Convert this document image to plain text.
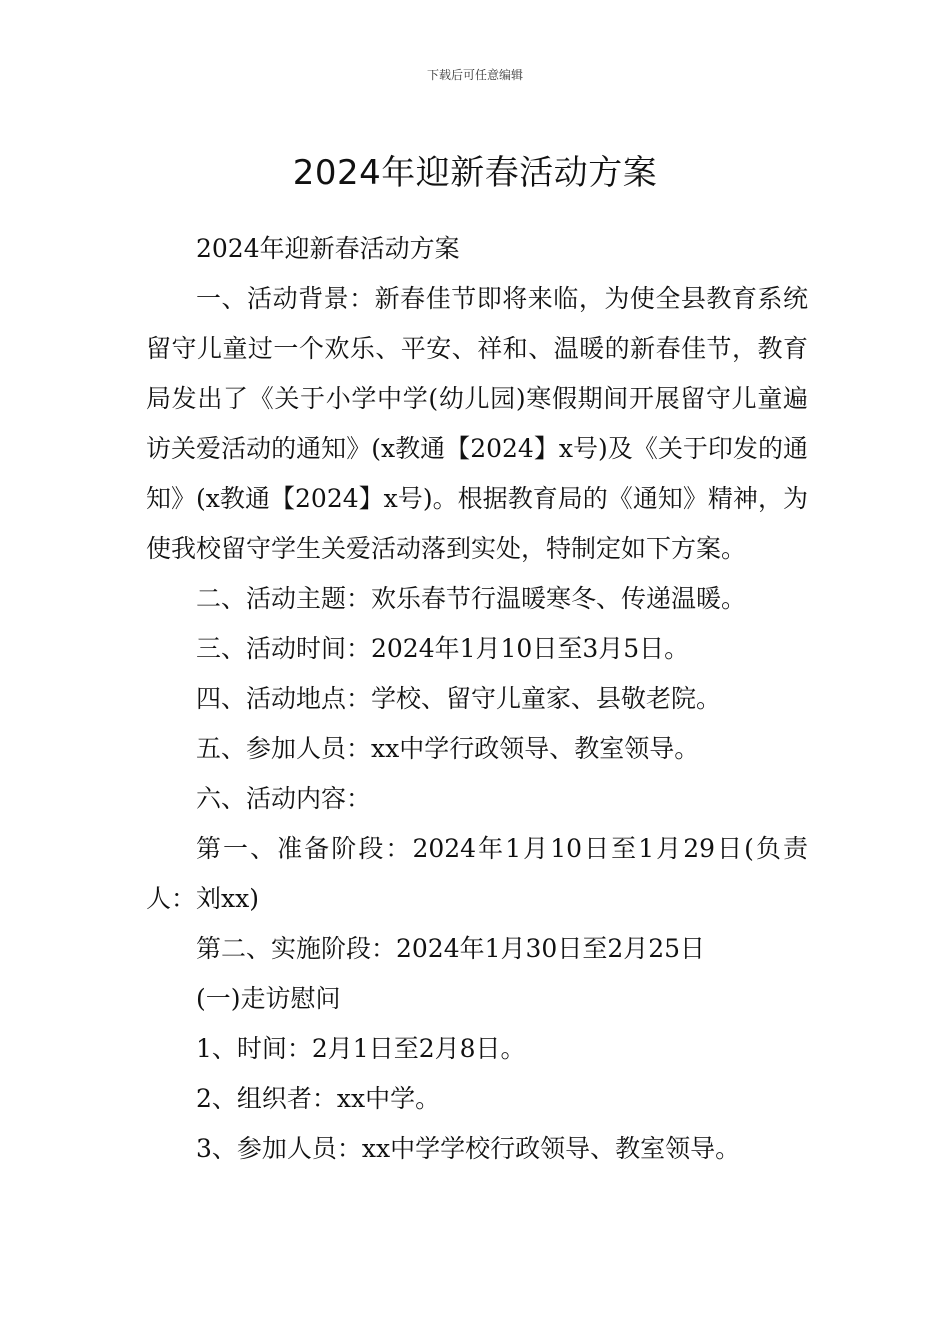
下载后可任意编辑
2024年迎新春活动方案

2024年迎新春活动方案

一、活动背景：新春佳节即将来临，为使全县教育系统留守儿童过一个欢乐、平安、祥和、温暖的新春佳节，教育局发出了《关于小学中学(幼儿园)寒假期间开展留守儿童遍访关爱活动的通知》(x教通【2024】x号)及《关于印发的通知》(x教通【2024】x号)。根据教育局的《通知》精神，为使我校留守学生关爱活动落到实处，特制定如下方案。

二、活动主题：欢乐春节行温暖寒冬、传递温暖。

三、活动时间：2024年1月10日至3月5日。

四、活动地点：学校、留守儿童家、县敬老院。

五、参加人员：xx中学行政领导、教室领导。

六、活动内容：

第一、准备阶段：2024年1月10日至1月29日(负责人：刘xx)

第二、实施阶段：2024年1月30日至2月25日

(一)走访慰问

1、时间：2月1日至2月8日。

2、组织者：xx中学。

3、参加人员：xx中学学校行政领导、教室领导。
